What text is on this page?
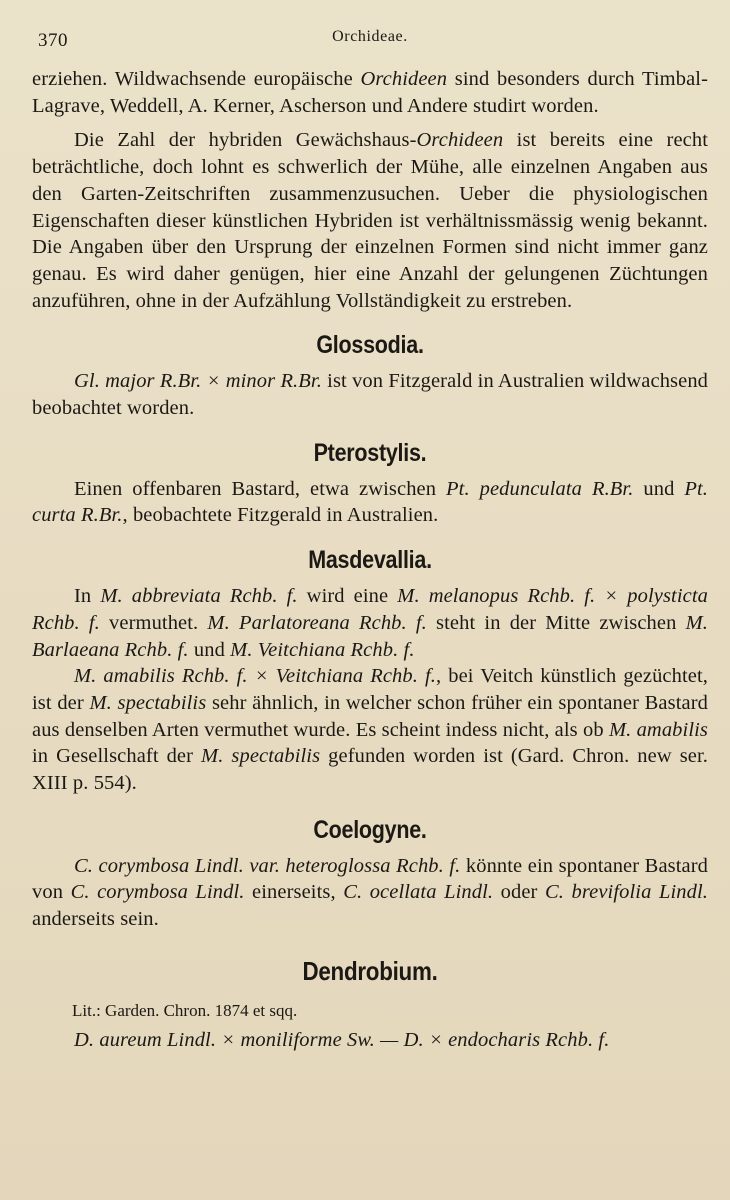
370	Orchideae.

erziehen. Wildwachsende europäische Orchideen sind besonders durch Timbal-Lagrave, Weddell, A. Kerner, Ascherson und Andere studirt worden.

Die Zahl der hybriden Gewächshaus-Orchideen ist bereits eine recht beträchtliche, doch lohnt es schwerlich der Mühe, alle einzelnen Angaben aus den Garten-Zeitschriften zusammenzusuchen. Ueber die physiologischen Eigenschaften dieser künstlichen Hybriden ist verhältnissmässig wenig bekannt. Die Angaben über den Ursprung der einzelnen Formen sind nicht immer ganz genau. Es wird daher genügen, hier eine Anzahl der gelungenen Züchtungen anzuführen, ohne in der Aufzählung Vollständigkeit zu erstreben.

Glossodia.

Gl. major R.Br. × minor R.Br. ist von Fitzgerald in Australien wildwachsend beobachtet worden.

Pterostylis.

Einen offenbaren Bastard, etwa zwischen Pt. pedunculata R.Br. und Pt. curta R.Br., beobachtete Fitzgerald in Australien.

Masdevallia.

In M. abbreviata Rchb. f. wird eine M. melanopus Rchb. f. × polysticta Rchb. f. vermuthet. M. Parlatoreana Rchb. f. steht in der Mitte zwischen M. Barlaeana Rchb. f. und M. Veitchiana Rchb. f.

M. amabilis Rchb. f. × Veitchiana Rchb. f., bei Veitch künstlich gezüchtet, ist der M. spectabilis sehr ähnlich, in welcher schon früher ein spontaner Bastard aus denselben Arten vermuthet wurde. Es scheint indess nicht, als ob M. amabilis in Gesellschaft der M. spectabilis gefunden worden ist (Gard. Chron. new ser. XIII p. 554).

Coelogyne.

C. corymbosa Lindl. var. heteroglossa Rchb. f. könnte ein spontaner Bastard von C. corymbosa Lindl. einerseits, C. ocellata Lindl. oder C. brevifolia Lindl. anderseits sein.

Dendrobium.
Lit.: Garden. Chron. 1874 et sqq.

D. aureum Lindl. × moniliforme Sw. — D. × endocharis Rchb. f.
